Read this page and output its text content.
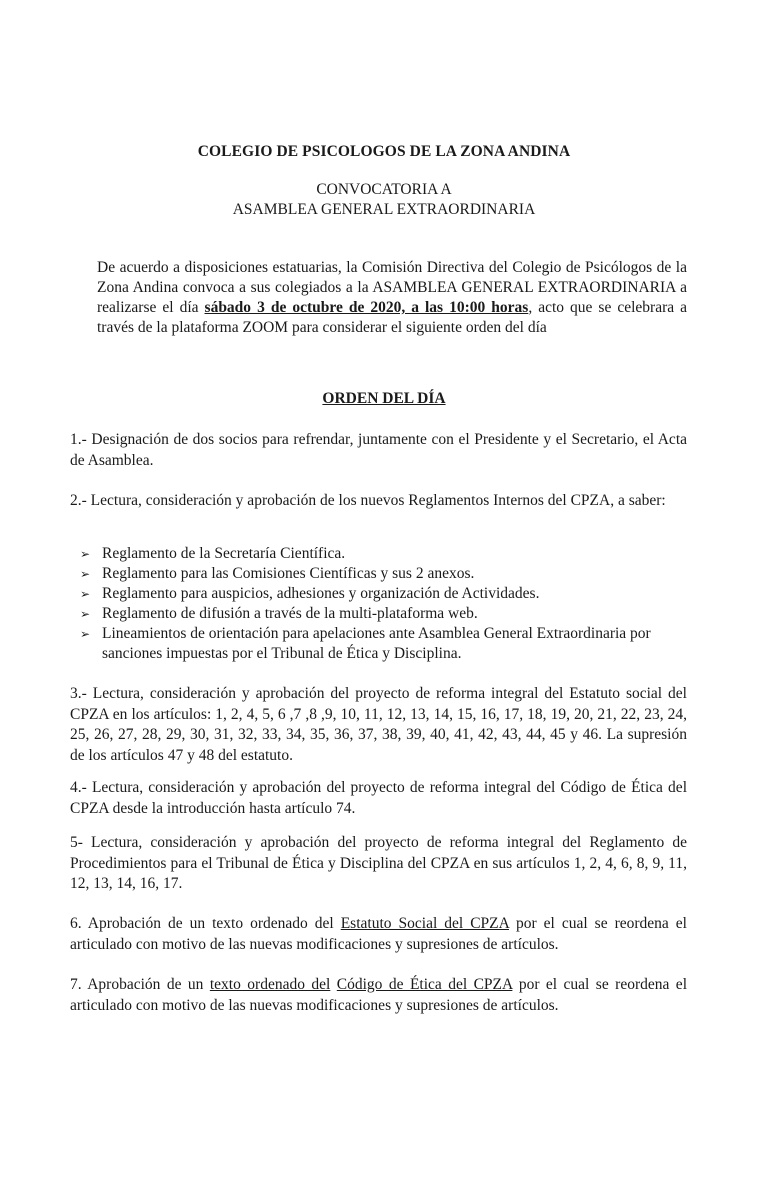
COLEGIO DE PSICOLOGOS DE LA ZONA ANDINA
CONVOCATORIA A
ASAMBLEA GENERAL EXTRAORDINARIA
De acuerdo a disposiciones estatuarias, la Comisión Directiva del Colegio de Psicólogos de la Zona Andina convoca a sus colegiados a la ASAMBLEA GENERAL EXTRAORDINARIA a realizarse el día sábado 3 de octubre de 2020, a las 10:00 horas, acto que se celebrara a través de la plataforma ZOOM para considerar el siguiente orden del día
ORDEN DEL DÍA
1.- Designación de dos socios para refrendar, juntamente con el Presidente y el Secretario, el Acta de Asamblea.
2.- Lectura, consideración y aprobación de los nuevos Reglamentos Internos del CPZA, a saber:
➢ Reglamento de la Secretaría Científica.
➢ Reglamento para las Comisiones Científicas y sus 2 anexos.
➢ Reglamento para auspicios, adhesiones y organización de Actividades.
➢ Reglamento de difusión a través de la multi-plataforma web.
➢ Lineamientos de orientación para apelaciones ante Asamblea General Extraordinaria por sanciones impuestas por el Tribunal de Ética y Disciplina.
3.- Lectura, consideración y aprobación del proyecto de reforma integral del Estatuto social del CPZA en los artículos: 1, 2, 4, 5, 6 ,7 ,8 ,9, 10, 11, 12, 13, 14, 15, 16, 17, 18, 19, 20, 21, 22, 23, 24, 25, 26, 27, 28, 29, 30, 31, 32, 33, 34, 35, 36, 37, 38, 39, 40, 41, 42, 43, 44, 45 y 46. La supresión de los artículos 47 y 48 del estatuto.
4.- Lectura, consideración y aprobación del proyecto de reforma integral del Código de Ética del CPZA desde la introducción hasta artículo 74.
5- Lectura, consideración y aprobación del proyecto de reforma integral del Reglamento de Procedimientos para el Tribunal de Ética y Disciplina del CPZA en sus artículos 1, 2, 4, 6, 8, 9, 11, 12, 13, 14, 16, 17.
6. Aprobación de un texto ordenado del Estatuto Social del CPZA por el cual se reordena el articulado con motivo de las nuevas modificaciones y supresiones de artículos.
7. Aprobación de un texto ordenado del Código de Ética del CPZA por el cual se reordena el articulado con motivo de las nuevas modificaciones y supresiones de artículos.
